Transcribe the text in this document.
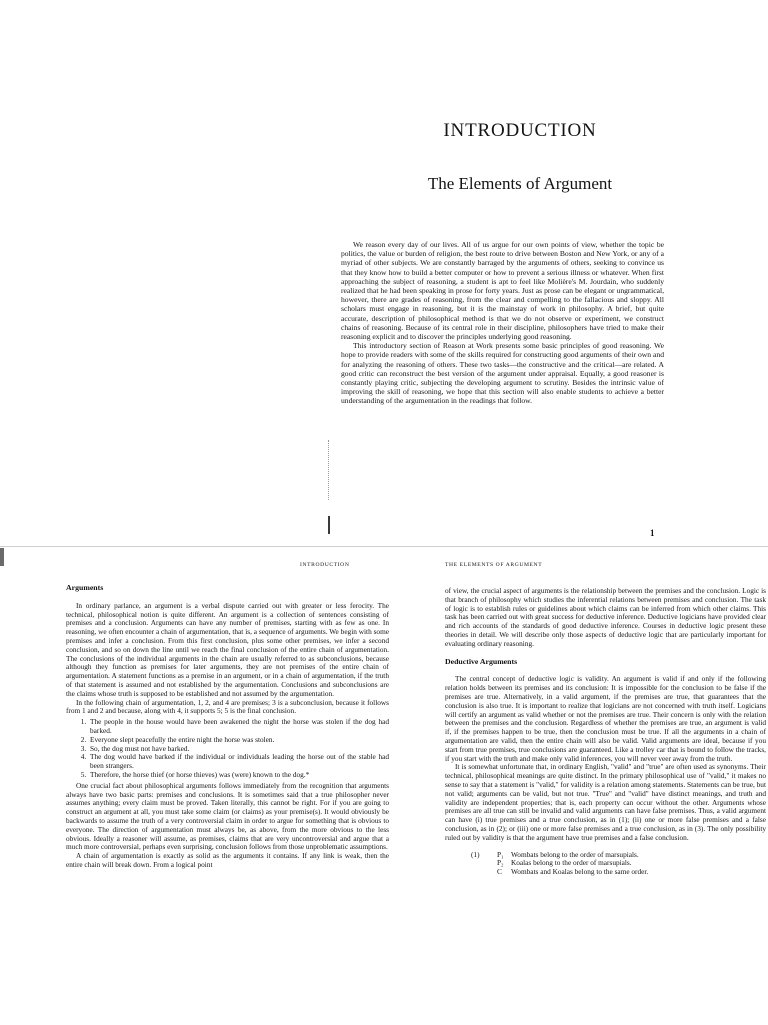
INTRODUCTION
The Elements of Argument

We reason every day of our lives. All of us argue for our own points of view, whether the topic be politics, the value or burden of religion, the best route to drive between Boston and New York, or any of a myriad of other subjects. We are constantly barraged by the arguments of others, seeking to convince us that they know how to build a better computer or how to prevent a serious illness or whatever. When first approaching the subject of reasoning, a student is apt to feel like Molière's M. Jourdain, who suddenly realized that he had been speaking in prose for forty years. Just as prose can be elegant or ungrammatical, however, there are grades of reasoning, from the clear and compelling to the fallacious and sloppy. All scholars must engage in reasoning, but it is the mainstay of work in philosophy. A brief, but quite accurate, description of philosophical method is that we do not observe or experiment, we construct chains of reasoning. Because of its central role in their discipline, philosophers have tried to make their reasoning explicit and to discover the principles underlying good reasoning.

This introductory section of Reason at Work presents some basic principles of good reasoning. We hope to provide readers with some of the skills required for constructing good arguments of their own and for analyzing the reasoning of others. These two tasks—the constructive and the critical—are related. A good critic can reconstruct the best version of the argument under appraisal. Equally, a good reasoner is constantly playing critic, subjecting the developing argument to scrutiny. Besides the intrinsic value of improving the skill of reasoning, we hope that this section will also enable students to achieve a better understanding of the argumentation in the readings that follow.

1

INTRODUCTION	THE ELEMENTS OF ARGUMENT

Arguments

In ordinary parlance, an argument is a verbal dispute carried out with greater or less ferocity. The technical, philosophical notion is quite different. An argument is a collection of sentences consisting of premises and a conclusion. Arguments can have any number of premises, starting with as few as one. In reasoning, we often encounter a chain of argumentation, that is, a sequence of arguments. We begin with some premises and infer a conclusion. From this first conclusion, plus some other premises, we infer a second conclusion, and so on down the line until we reach the final conclusion of the entire chain of argumentation. The conclusions of the individual arguments in the chain are usually referred to as subconclusions, because although they function as premises for later arguments, they are not premises of the entire chain of argumentation. A statement functions as a premise in an argument, or in a chain of argumentation, if the truth of that statement is assumed and not established by the argumentation. Conclusions and subconclusions are the claims whose truth is supposed to be established and not assumed by the argumentation.

In the following chain of argumentation, 1, 2, and 4 are premises; 3 is a subconclusion, because it follows from 1 and 2 and because, along with 4, it supports 5; 5 is the final conclusion.

1. The people in the house would have been awakened the night the horse was stolen if the dog had barked.
2. Everyone slept peacefully the entire night the horse was stolen.
3. So, the dog must not have barked.
4. The dog would have barked if the individual or individuals leading the horse out of the stable had been strangers.
5. Therefore, the horse thief (or horse thieves) was (were) known to the dog.*

One crucial fact about philosophical arguments follows immediately from the recognition that arguments always have two basic parts: premises and conclusions. It is sometimes said that a true philosopher never assumes anything; every claim must be proved. Taken literally, this cannot be right. For if you are going to construct an argument at all, you must take some claim (or claims) as your premise(s). It would obviously be backwards to assume the truth of a very controversial claim in order to argue for something that is obvious to everyone. The direction of argumentation must always be, as above, from the more obvious to the less obvious. Ideally a reasoner will assume, as premises, claims that are very uncontroversial and argue that a much more controversial, perhaps even surprising, conclusion follows from those unproblematic assumptions.

A chain of argumentation is exactly as solid as the arguments it contains. If any link is weak, then the entire chain will break down. From a logical point

of view, the crucial aspect of arguments is the relationship between the premises and the conclusion. Logic is that branch of philosophy which studies the inferential relations between premises and conclusion. The task of logic is to establish rules or guidelines about which claims can be inferred from which other claims. This task has been carried out with great success for deductive inference. Deductive logicians have provided clear and rich accounts of the standards of good deductive inference. Courses in deductive logic present these theories in detail. We will describe only those aspects of deductive logic that are particularly important for evaluating ordinary reasoning.

Deductive Arguments

The central concept of deductive logic is validity. An argument is valid if and only if the following relation holds between its premises and its conclusion: It is impossible for the conclusion to be false if the premises are true. Alternatively, in a valid argument, if the premises are true, that guarantees that the conclusion is also true. It is important to realize that logicians are not concerned with truth itself. Logicians will certify an argument as valid whether or not the premises are true. Their concern is only with the relation between the premises and the conclusion. Regardless of whether the premises are true, an argument is valid if, if the premises happen to be true, then the conclusion must be true. If all the arguments in a chain of argumentation are valid, then the entire chain will also be valid. Valid arguments are ideal, because if you start from true premises, true conclusions are guaranteed. Like a trolley car that is bound to follow the tracks, if you start with the truth and make only valid inferences, you will never veer away from the truth.

It is somewhat unfortunate that, in ordinary English, "valid" and "true" are often used as synonyms. Their technical, philosophical meanings are quite distinct. In the primary philosophical use of "valid," it makes no sense to say that a statement is "valid," for validity is a relation among statements. Statements can be true, but not valid; arguments can be valid, but not true. "True" and "valid" have distinct meanings, and truth and validity are independent properties; that is, each property can occur without the other. Arguments whose premises are all true can still be invalid and valid arguments can have false premises. Thus, a valid argument can have (i) true premises and a true conclusion, as in (1); (ii) one or more false premises and a false conclusion, as in (2); or (iii) one or more false premises and a true conclusion, as in (3). The only possibility ruled out by validity is that the argument have true premises and a false conclusion.

(1)	P₁	Wombats belong to the order of marsupials.
P₂	Koalas belong to the order of marsupials.
C	Wombats and Koalas belong to the same order.
